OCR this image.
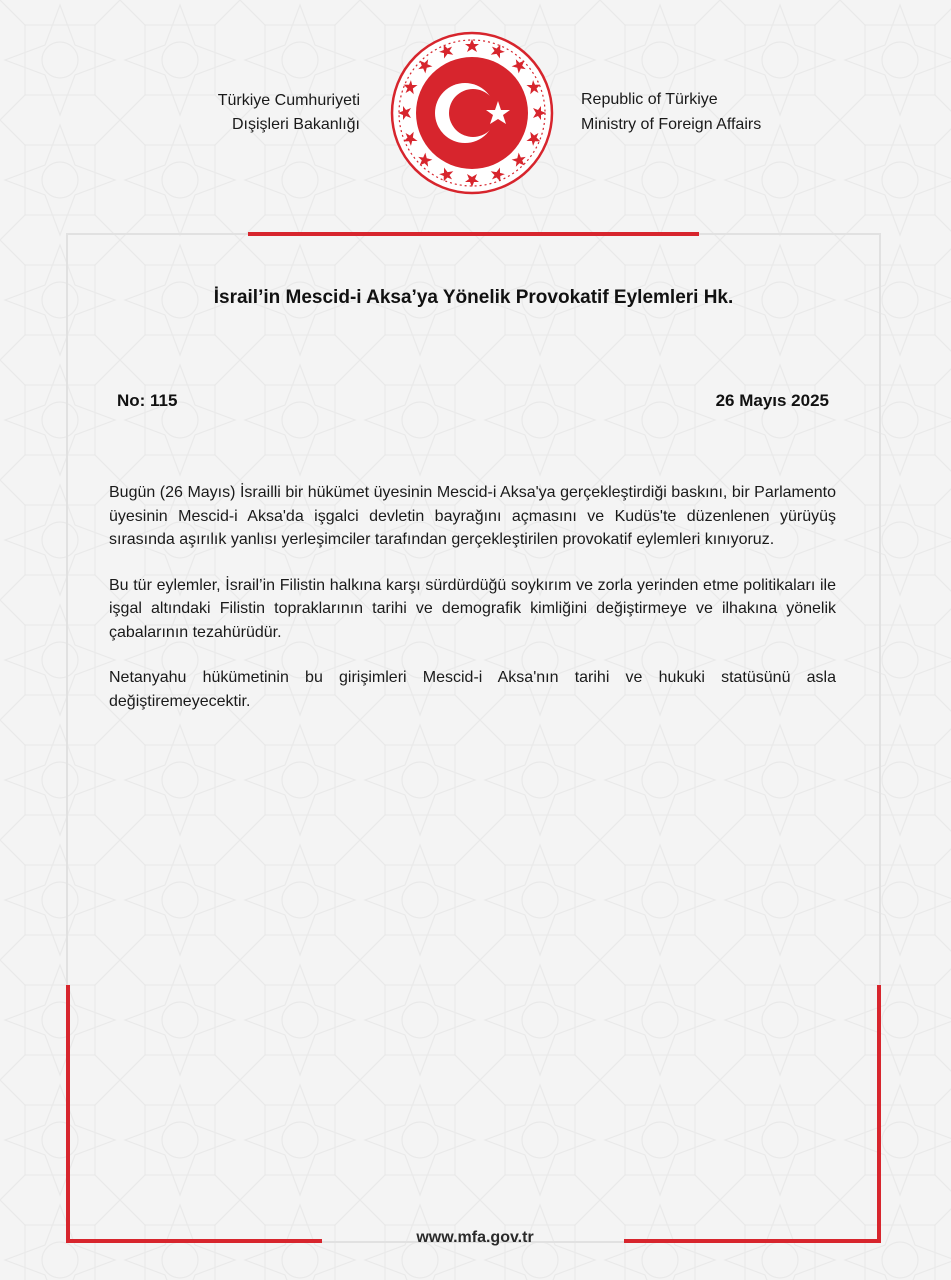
Türkiye Cumhuriyeti
Dışişleri Bakanlığı
Republic of Türkiye
Ministry of Foreign Affairs
İsrail’in Mescid-i Aksa’ya Yönelik Provokatif Eylemleri Hk.
No: 115	26 Mayıs 2025

Bugün (26 Mayıs) İsrailli bir hükümet üyesinin Mescid-i Aksa'ya gerçekleştirdiği baskını, bir Parlamento üyesinin Mescid-i Aksa'da işgalci devletin bayrağını açmasını ve Kudüs'te düzenlenen yürüyüş sırasında aşırılık yanlısı yerleşimciler tarafından gerçekleştirilen provokatif eylemleri kınıyoruz.

Bu tür eylemler, İsrail’in Filistin halkına karşı sürdürdüğü soykırım ve zorla yerinden etme politikaları ile işgal altındaki Filistin topraklarının tarihi ve demografik kimliğini değiştirmeye ve ilhakına yönelik çabalarının tezahürüdür.

Netanyahu hükümetinin bu girişimleri Mescid-i Aksa'nın tarihi ve hukuki statüsünü asla değiştiremeyecektir.

www.mfa.gov.tr
